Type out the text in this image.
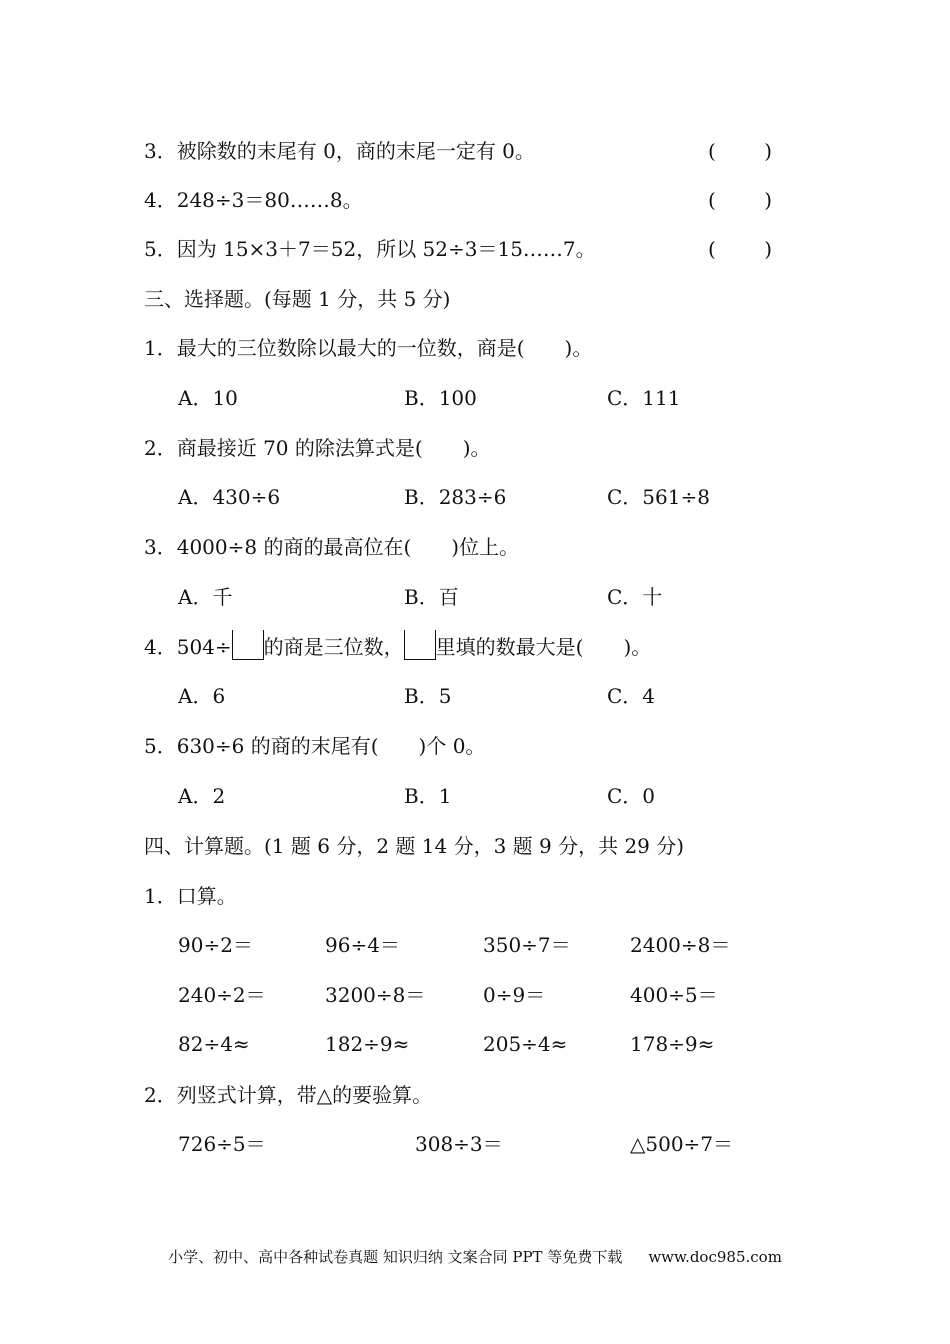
3．被除数的末尾有 0，商的末尾一定有 0。	( )
4．248÷3＝80……8。	( )
5．因为 15×3＋7＝52，所以 52÷3＝15……7。	( )
三、选择题。(每题 1 分，共 5 分)
1．最大的三位数除以最大的一位数，商是(　　)。
A．10	B．100	C．111
2．商最接近 70 的除法算式是(　　)。
A．430÷6	B．283÷6	C．561÷8
3．4000÷8 的商的最高位在(　　)位上。
A．千	B．百	C．十
4．504÷ 的商是三位数， 里填的数最大是(　　)。
A．6	B．5	C．4
5．630÷6 的商的末尾有(　　)个 0。
A．2	B．1	C．0
四、计算题。(1 题 6 分，2 题 14 分，3 题 9 分，共 29 分)
1．口算。
90÷2＝	96÷4＝	350÷7＝	2400÷8＝
240÷2＝	3200÷8＝	0÷9＝	400÷5＝
82÷4≈	182÷9≈	205÷4≈	178÷9≈
2．列竖式计算，带△的要验算。
726÷5＝	308÷3＝	△500÷7＝
小学、初中、高中各种试卷真题 知识归纳 文案合同 PPT 等免费下载 www.doc985.com
